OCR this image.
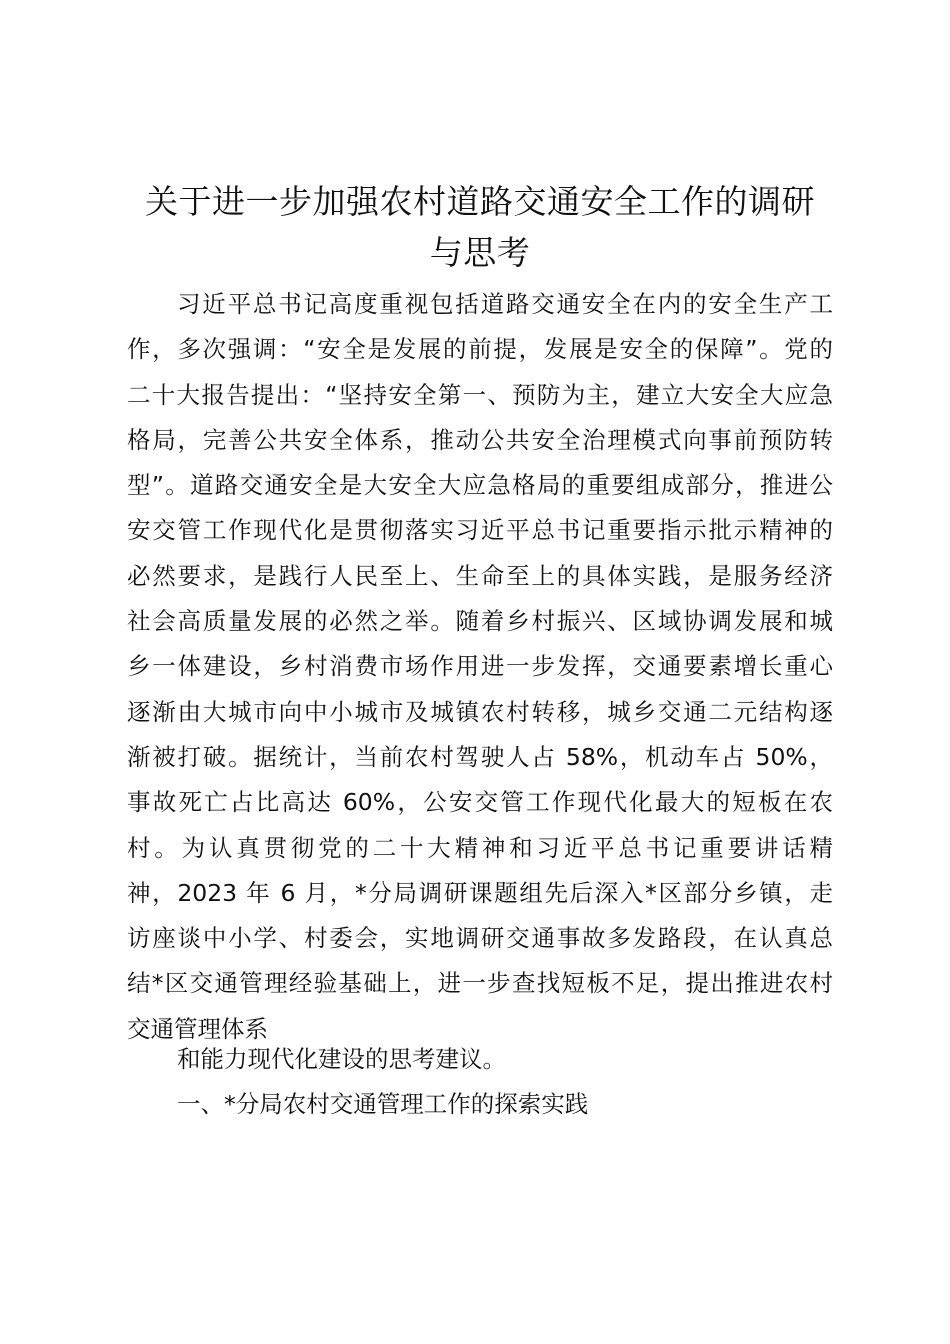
关于进一步加强农村道路交通安全工作的调研
与思考
习近平总书记高度重视包括道路交通安全在内的安全生产工
作，多次强调：“安全是发展的前提，发展是安全的保障”。党的
二十大报告提出：“坚持安全第一、预防为主，建立大安全大应急
格局，完善公共安全体系，推动公共安全治理模式向事前预防转
型”。道路交通安全是大安全大应急格局的重要组成部分，推进公
安交管工作现代化是贯彻落实习近平总书记重要指示批示精神的
必然要求，是践行人民至上、生命至上的具体实践，是服务经济
社会高质量发展的必然之举。随着乡村振兴、区域协调发展和城
乡一体建设，乡村消费市场作用进一步发挥，交通要素增长重心
逐渐由大城市向中小城市及城镇农村转移，城乡交通二元结构逐
渐被打破。据统计，当前农村驾驶人占 58%，机动车占 50%，
事故死亡占比高达 60%，公安交管工作现代化最大的短板在农
村。为认真贯彻党的二十大精神和习近平总书记重要讲话精
神，2023 年 6 月，*分局调研课题组先后深入*区部分乡镇，走
访座谈中小学、村委会，实地调研交通事故多发路段，在认真总
结*区交通管理经验基础上，进一步查找短板不足，提出推进农村
交通管理体系

和能力现代化建设的思考建议。

一、*分局农村交通管理工作的探索实践
